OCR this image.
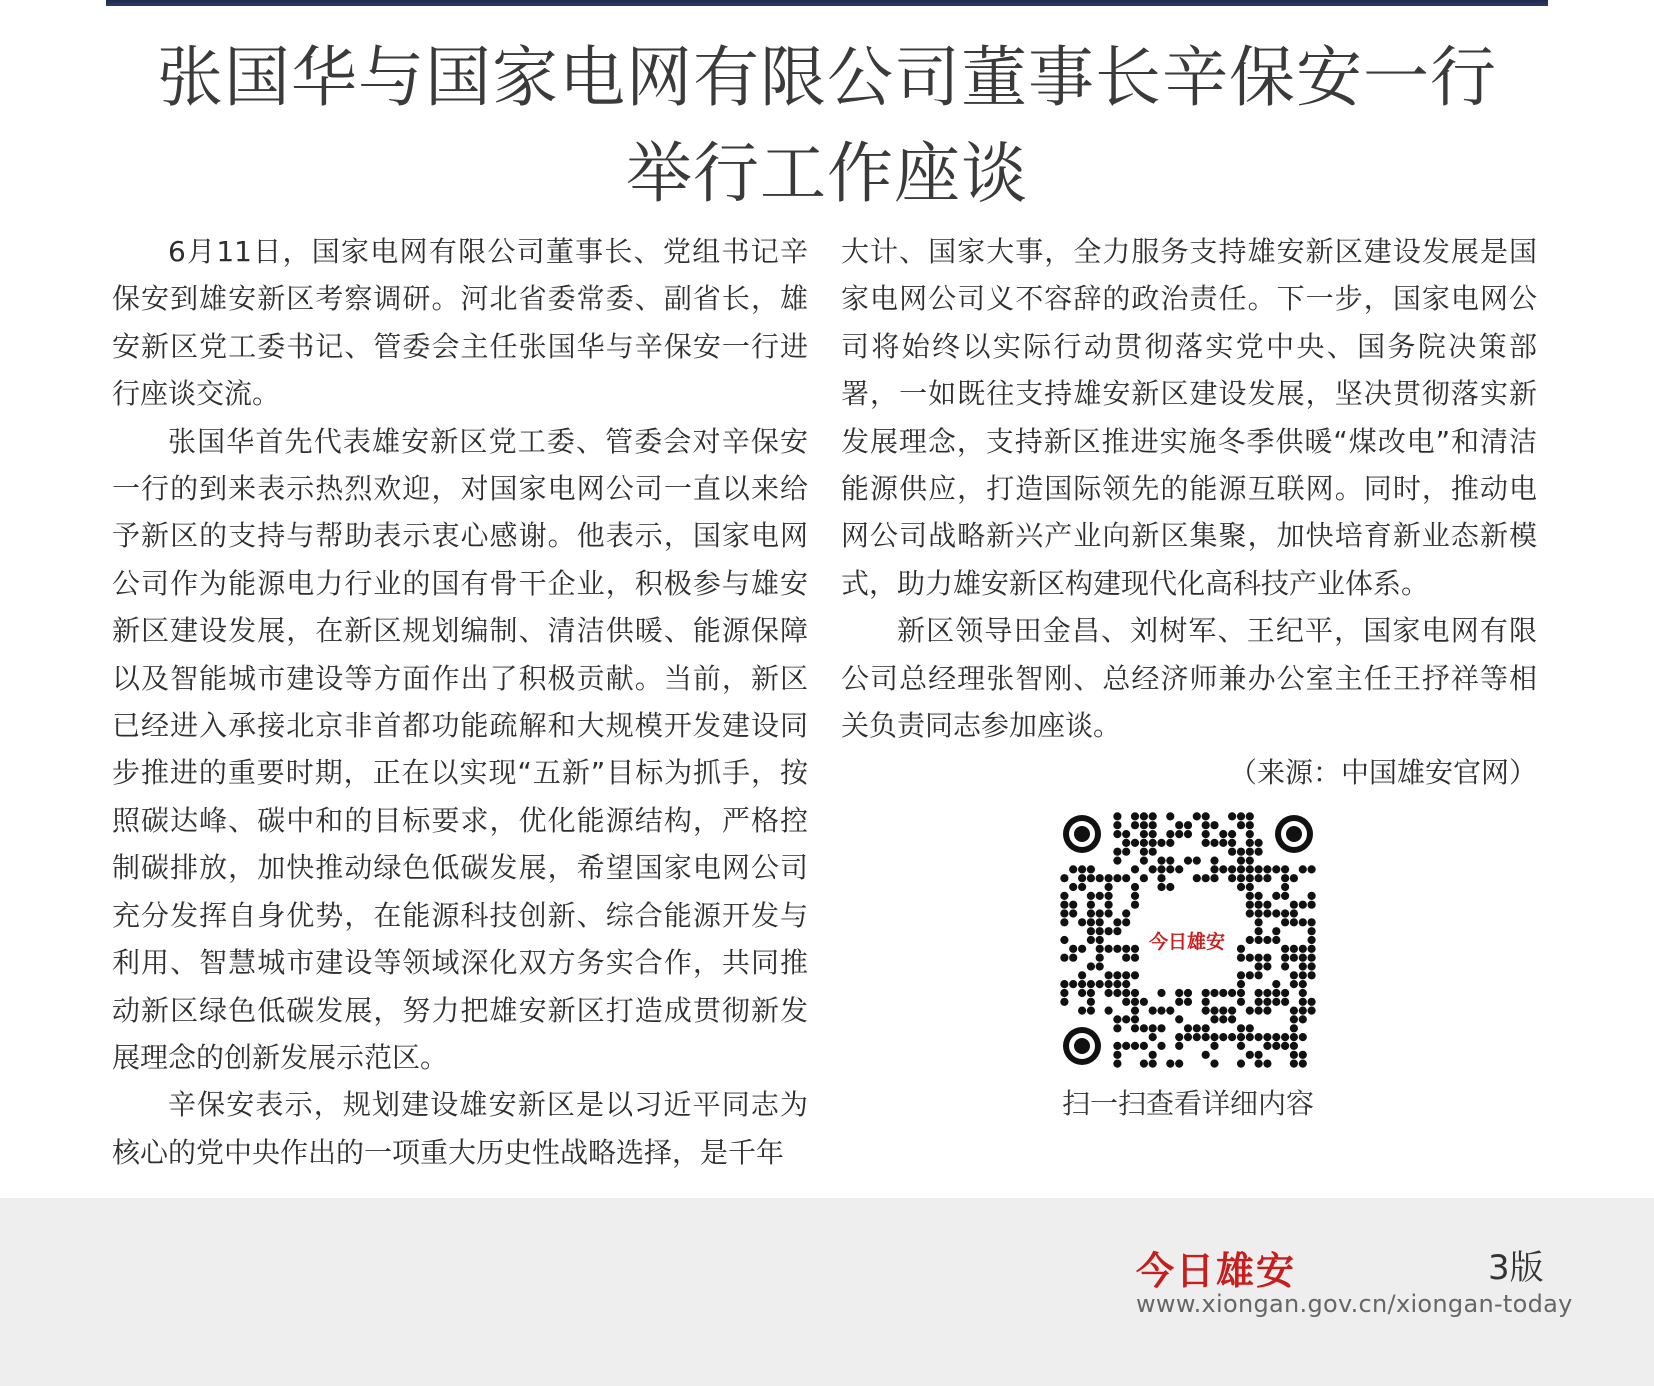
张国华与国家电网有限公司董事长辛保安一行
举行工作座谈

6月11日，国家电网有限公司董事长、党组书记辛保安到雄安新区考察调研。河北省委常委、副省长，雄安新区党工委书记、管委会主任张国华与辛保安一行进行座谈交流。

张国华首先代表雄安新区党工委、管委会对辛保安一行的到来表示热烈欢迎，对国家电网公司一直以来给予新区的支持与帮助表示衷心感谢。他表示，国家电网公司作为能源电力行业的国有骨干企业，积极参与雄安新区建设发展，在新区规划编制、清洁供暖、能源保障以及智能城市建设等方面作出了积极贡献。当前，新区已经进入承接北京非首都功能疏解和大规模开发建设同步推进的重要时期，正在以实现“五新”目标为抓手，按照碳达峰、碳中和的目标要求，优化能源结构，严格控制碳排放，加快推动绿色低碳发展，希望国家电网公司充分发挥自身优势，在能源科技创新、综合能源开发与利用、智慧城市建设等领域深化双方务实合作，共同推动新区绿色低碳发展，努力把雄安新区打造成贯彻新发展理念的创新发展示范区。

辛保安表示，规划建设雄安新区是以习近平同志为核心的党中央作出的一项重大历史性战略选择，是千年

大计、国家大事，全力服务支持雄安新区建设发展是国家电网公司义不容辞的政治责任。下一步，国家电网公司将始终以实际行动贯彻落实党中央、国务院决策部署，一如既往支持雄安新区建设发展，坚决贯彻落实新发展理念，支持新区推进实施冬季供暖“煤改电”和清洁能源供应，打造国际领先的能源互联网。同时，推动电网公司战略新兴产业向新区集聚，加快培育新业态新模式，助力雄安新区构建现代化高科技产业体系。

新区领导田金昌、刘树军、王纪平，国家电网有限公司总经理张智刚、总经济师兼办公室主任王抒祥等相关负责同志参加座谈。

（来源：中国雄安官网）

今日雄安
扫一扫查看详细内容
今日雄安	3版
www.xiongan.gov.cn/xiongan-today
